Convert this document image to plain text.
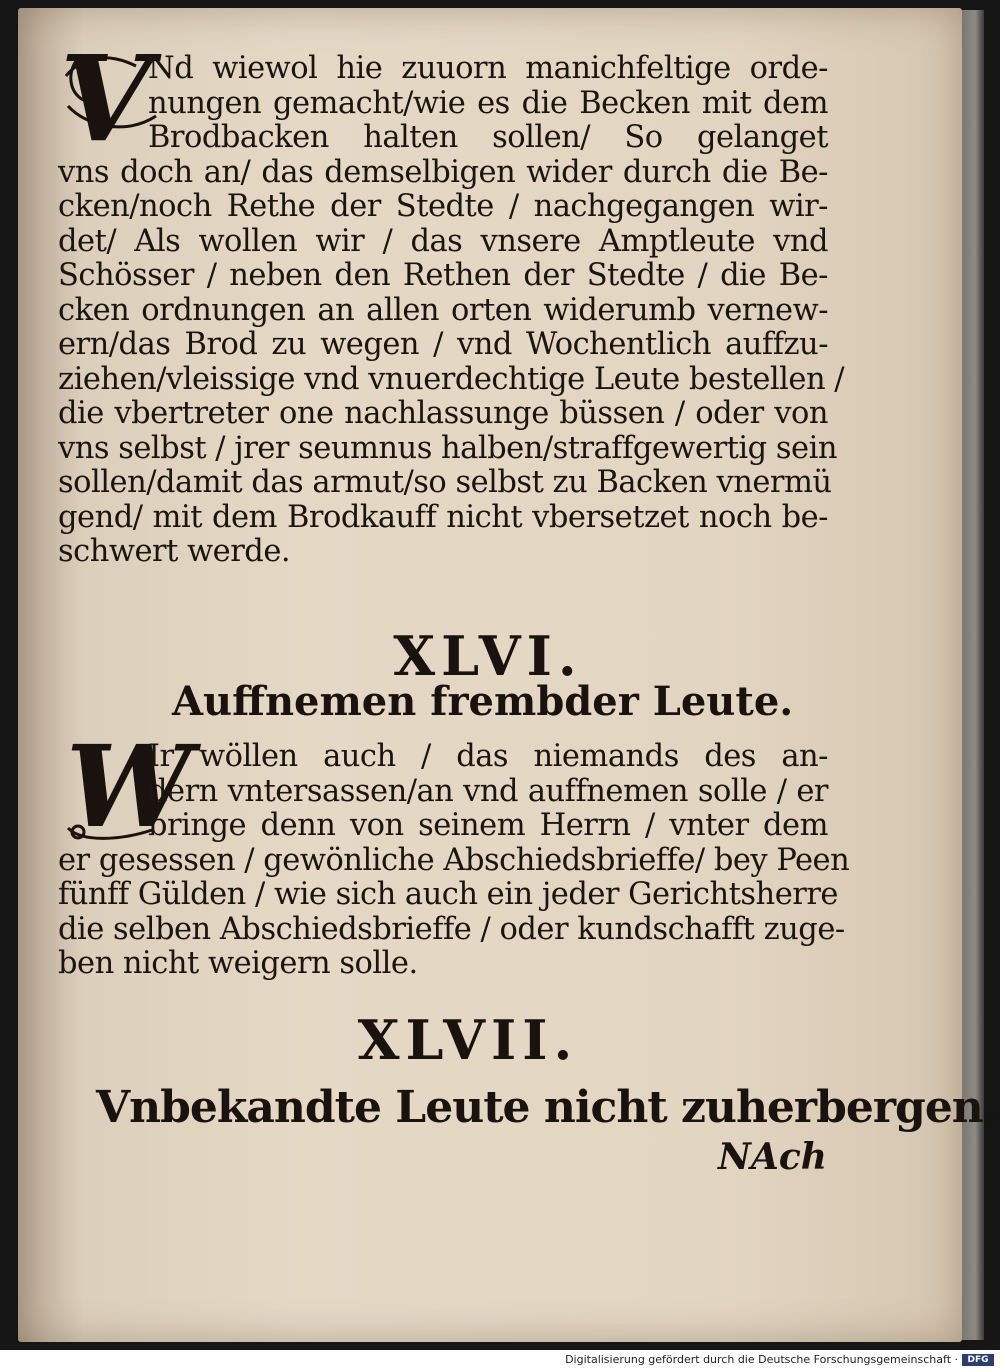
V
Nd wiewol hie zuuorn manichfeltige orde-
nungen gemacht/wie es die Becken mit dem
Brodbacken halten sollen/ So gelanget
vns doch an/ das demselbigen wider durch die Be-
cken/noch Rethe der Stedte / nachgegangen wir-
det/ Als wollen wir / das vnsere Amptleute vnd
Schösser / neben den Rethen der Stedte / die Be-
cken ordnungen an allen orten widerumb vernew-
ern/das Brod zu wegen / vnd Wochentlich auffzu-
ziehen/vleissige vnd vnuerdechtige Leute bestellen /
die vbertreter one nachlassunge büssen / oder von
vns selbst / jrer seumnus halben/straffgewertig sein
sollen/damit das armut/so selbst zu Backen vnermü
gend/ mit dem Brodkauff nicht vbersetzet noch be-
schwert werde.
XLVI.
Auffnemen frembder Leute.
W
Ir wöllen auch / das niemands des an-
dern vntersassen/an vnd auffnemen solle / er
bringe denn von seinem Herrn / vnter dem
er gesessen / gewönliche Abschiedsbrieffe/ bey Peen
fünff Gülden / wie sich auch ein jeder Gerichtsherre
die selben Abschiedsbrieffe / oder kundschafft zuge-
ben nicht weigern solle.
XLVII.
Vnbekandte Leute nicht zuherbergen.
NAch
Digitalisierung gefördert durch die Deutsche Forschungsgemeinschaft ·	DFG
